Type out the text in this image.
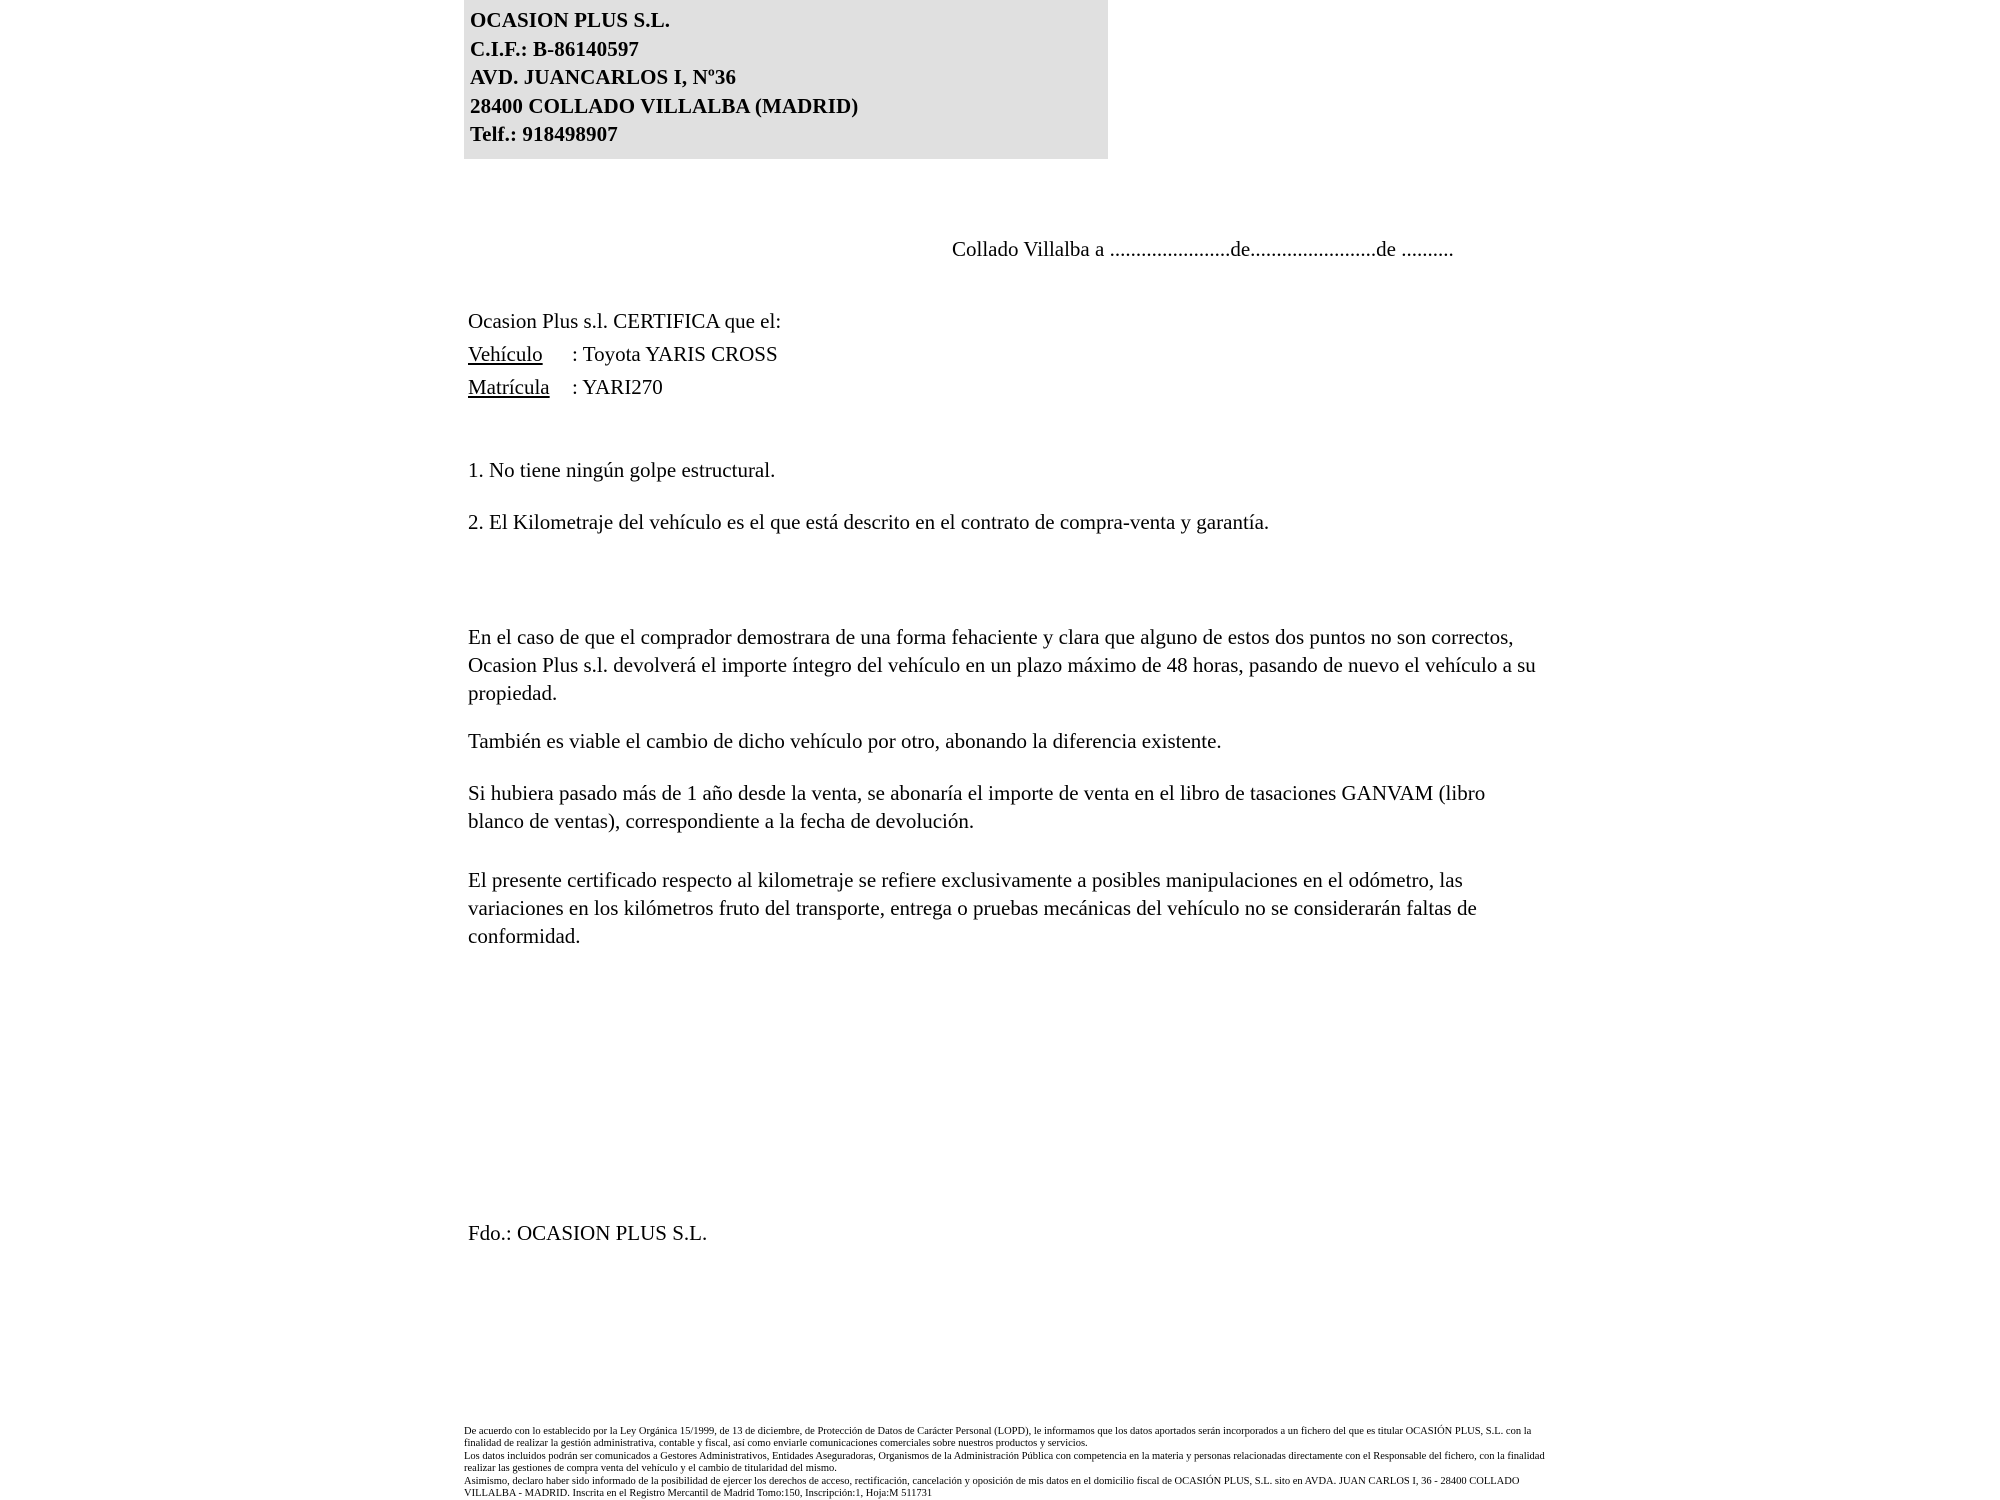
OCASION PLUS S.L.
C.I.F.: B-86140597
AVD. JUANCARLOS I, Nº36
28400 COLLADO VILLALBA (MADRID)
Telf.: 918498907
Collado Villalba a .......................de........................de ..........
Ocasion Plus s.l. CERTIFICA que el:
Vehículo : Toyota YARIS CROSS
Matrícula : YARI270
1. No tiene ningún golpe estructural.
2. El Kilometraje del vehículo es el que está descrito en el contrato de compra-venta y garantía.
En el caso de que el comprador demostrara de una forma fehaciente y clara que alguno de estos dos puntos no son correctos, Ocasion Plus s.l. devolverá el importe íntegro del vehículo en un plazo máximo de 48 horas, pasando de nuevo el vehículo a su propiedad.
También es viable el cambio de dicho vehículo por otro, abonando la diferencia existente.
Si hubiera pasado más de 1 año desde la venta, se abonaría el importe de venta en el libro de tasaciones GANVAM (libro blanco de ventas), correspondiente a la fecha de devolución.
El presente certificado respecto al kilometraje se refiere exclusivamente a posibles manipulaciones en el odómetro, las variaciones en los kilómetros fruto del transporte, entrega o pruebas mecánicas del vehículo no se considerarán faltas de conformidad.
Fdo.: OCASION PLUS S.L.

De acuerdo con lo establecido por la Ley Orgánica 15/1999, de 13 de diciembre, de Protección de Datos de Carácter Personal (LOPD), le informamos que los datos aportados serán incorporados a un fichero del que es titular OCASIÓN PLUS, S.L. con la finalidad de realizar la gestión administrativa, contable y fiscal, así como enviarle comunicaciones comerciales sobre nuestros productos y servicios.

Los datos incluidos podrán ser comunicados a Gestores Administrativos, Entidades Aseguradoras, Organismos de la Administración Pública con competencia en la materia y personas relacionadas directamente con el Responsable del fichero, con la finalidad realizar las gestiones de compra venta del vehículo y el cambio de titularidad del mismo.

Asimismo, declaro haber sido informado de la posibilidad de ejercer los derechos de acceso, rectificación, cancelación y oposición de mis datos en el domicilio fiscal de OCASIÓN PLUS, S.L. sito en AVDA. JUAN CARLOS I, 36 - 28400 COLLADO VILLALBA - MADRID. Inscrita en el Registro Mercantil de Madrid Tomo:150, Inscripción:1, Hoja:M 511731
